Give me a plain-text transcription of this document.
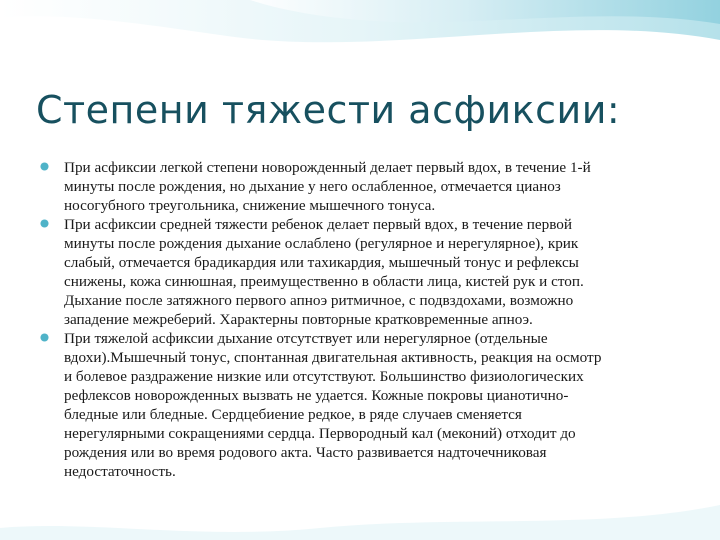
Степени тяжести асфиксии:
При асфиксии легкой степени новорожденный делает первый вдох, в течение 1-й
минуты после рождения, но дыхание у него ослабленное, отмечается цианоз
носогубного треугольника, снижение мышечного тонуса.
При асфиксии средней тяжести ребенок делает первый вдох, в течение первой
минуты после рождения дыхание ослаблено (регулярное и нерегулярное), крик
слабый, отмечается брадикардия или тахикардия, мышечный тонус и рефлексы
снижены, кожа синюшная, преимущественно в области лица, кистей рук и стоп.
Дыхание после затяжного первого апноэ ритмичное, с подвздохами, возможно
западение межреберий. Характерны повторные кратковременные апноэ.
При тяжелой асфиксии дыхание отсутствует или нерегулярное (отдельные
вдохи).Мышечный тонус, спонтанная двигательная активность, реакция на осмотр
и болевое раздражение низкие или отсутствуют. Большинство физиологических
рефлексов новорожденных вызвать не удается. Кожные покровы цианотично-
бледные или бледные. Сердцебиение редкое, в ряде случаев сменяется
нерегулярными сокращениями сердца. Первородный кал (меконий) отходит до
рождения или во время родового акта. Часто развивается надточечниковая
недостаточность.
